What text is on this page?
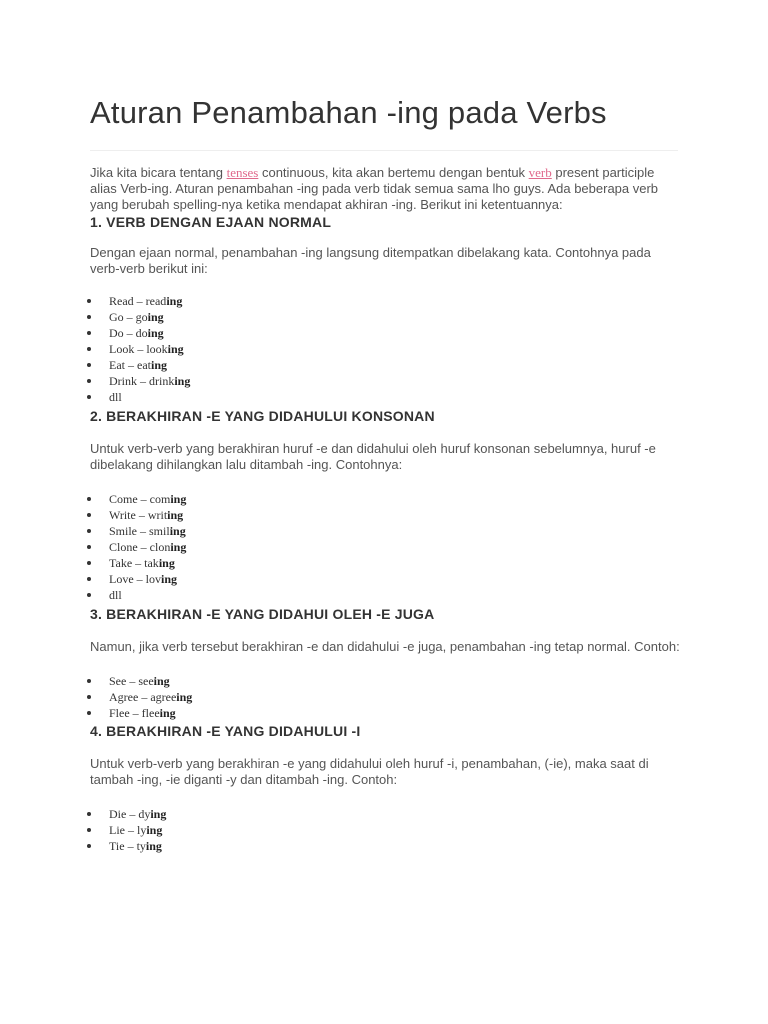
Aturan Penambahan -ing pada Verbs

Jika kita bicara tentang tenses continuous, kita akan bertemu dengan bentuk verb present participle alias Verb-ing. Aturan penambahan -ing pada verb tidak semua sama lho guys. Ada beberapa verb yang berubah spelling-nya ketika mendapat akhiran -ing. Berikut ini ketentuannya:

1. VERB DENGAN EJAAN NORMAL

Dengan ejaan normal, penambahan -ing langsung ditempatkan dibelakang kata. Contohnya pada verb-verb berikut ini:

Read – reading
Go – going
Do – doing
Look – looking
Eat – eating
Drink – drinking
dll
2. BERAKHIRAN -E YANG DIDAHULUI KONSONAN

Untuk verb-verb yang berakhiran huruf -e dan didahului oleh huruf konsonan sebelumnya, huruf -e dibelakang dihilangkan lalu ditambah -ing. Contohnya:

Come – coming
Write – writing
Smile – smiling
Clone – cloning
Take – taking
Love – loving
dll
3. BERAKHIRAN -E YANG DIDAHUI OLEH -E JUGA

Namun, jika verb tersebut berakhiran -e dan didahului -e juga, penambahan -ing tetap normal. Contoh:

See – seeing
Agree – agreeing
Flee – fleeing
4. BERAKHIRAN -E YANG DIDAHULUI -I

Untuk verb-verb yang berakhiran -e yang didahului oleh huruf -i, penambahan, (-ie), maka saat di tambah -ing, -ie diganti -y dan ditambah -ing. Contoh:

Die – dying
Lie – lying
Tie – tying
